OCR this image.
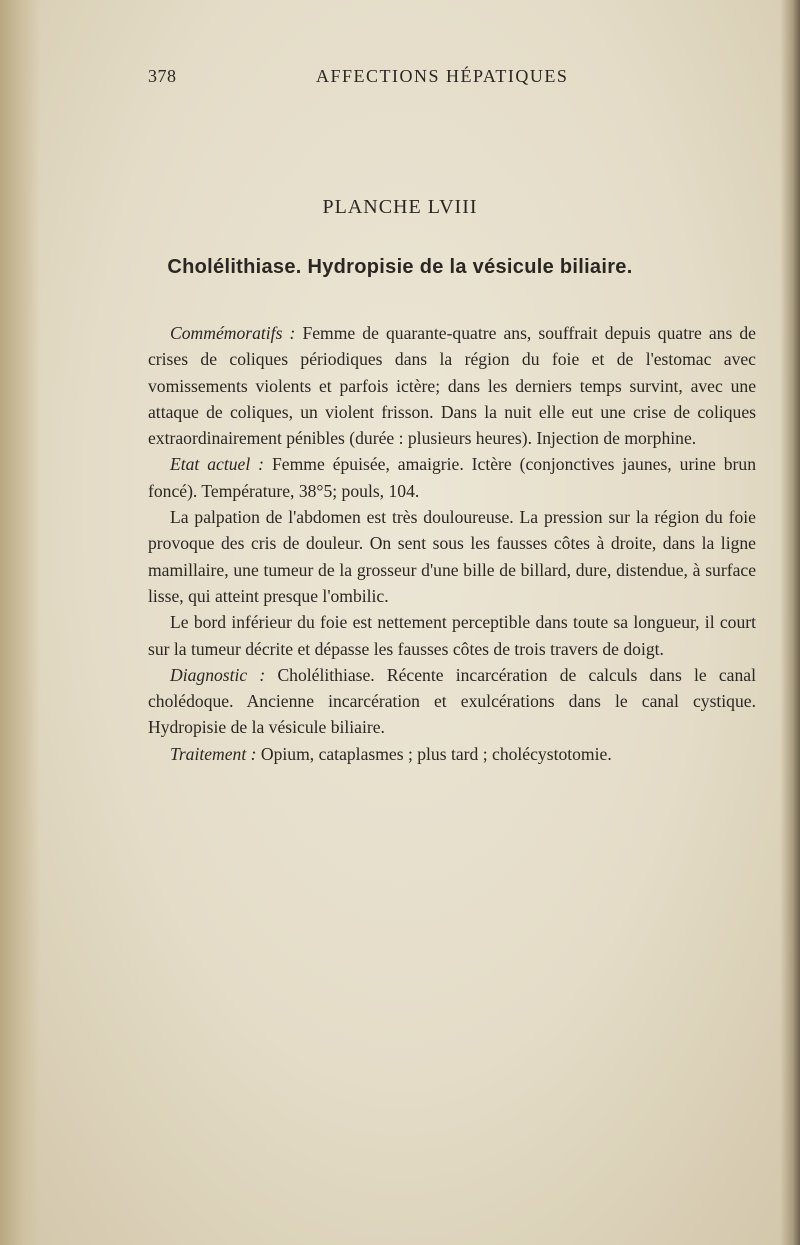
378	AFFECTIONS HÉPATIQUES
PLANCHE LVIII
Cholélithiase. Hydropisie de la vésicule biliaire.

Commémoratifs : Femme de quarante-quatre ans, souffrait depuis quatre ans de crises de coliques périodiques dans la région du foie et de l'estomac avec vomissements violents et parfois ictère; dans les derniers temps survint, avec une attaque de coliques, un violent frisson. Dans la nuit elle eut une crise de coliques extraordinairement pénibles (durée : plusieurs heures). Injection de morphine.

Etat actuel : Femme épuisée, amaigrie. Ictère (conjonctives jaunes, urine brun foncé). Température, 38°5; pouls, 104.

La palpation de l'abdomen est très douloureuse. La pression sur la région du foie provoque des cris de douleur. On sent sous les fausses côtes à droite, dans la ligne mamillaire, une tumeur de la grosseur d'une bille de billard, dure, distendue, à surface lisse, qui atteint presque l'ombilic.

Le bord inférieur du foie est nettement perceptible dans toute sa longueur, il court sur la tumeur décrite et dépasse les fausses côtes de trois travers de doigt.

Diagnostic : Cholélithiase. Récente incarcération de calculs dans le canal cholédoque. Ancienne incarcération et exulcérations dans le canal cystique. Hydropisie de la vésicule biliaire.

Traitement : Opium, cataplasmes ; plus tard ; cholécystotomie.
